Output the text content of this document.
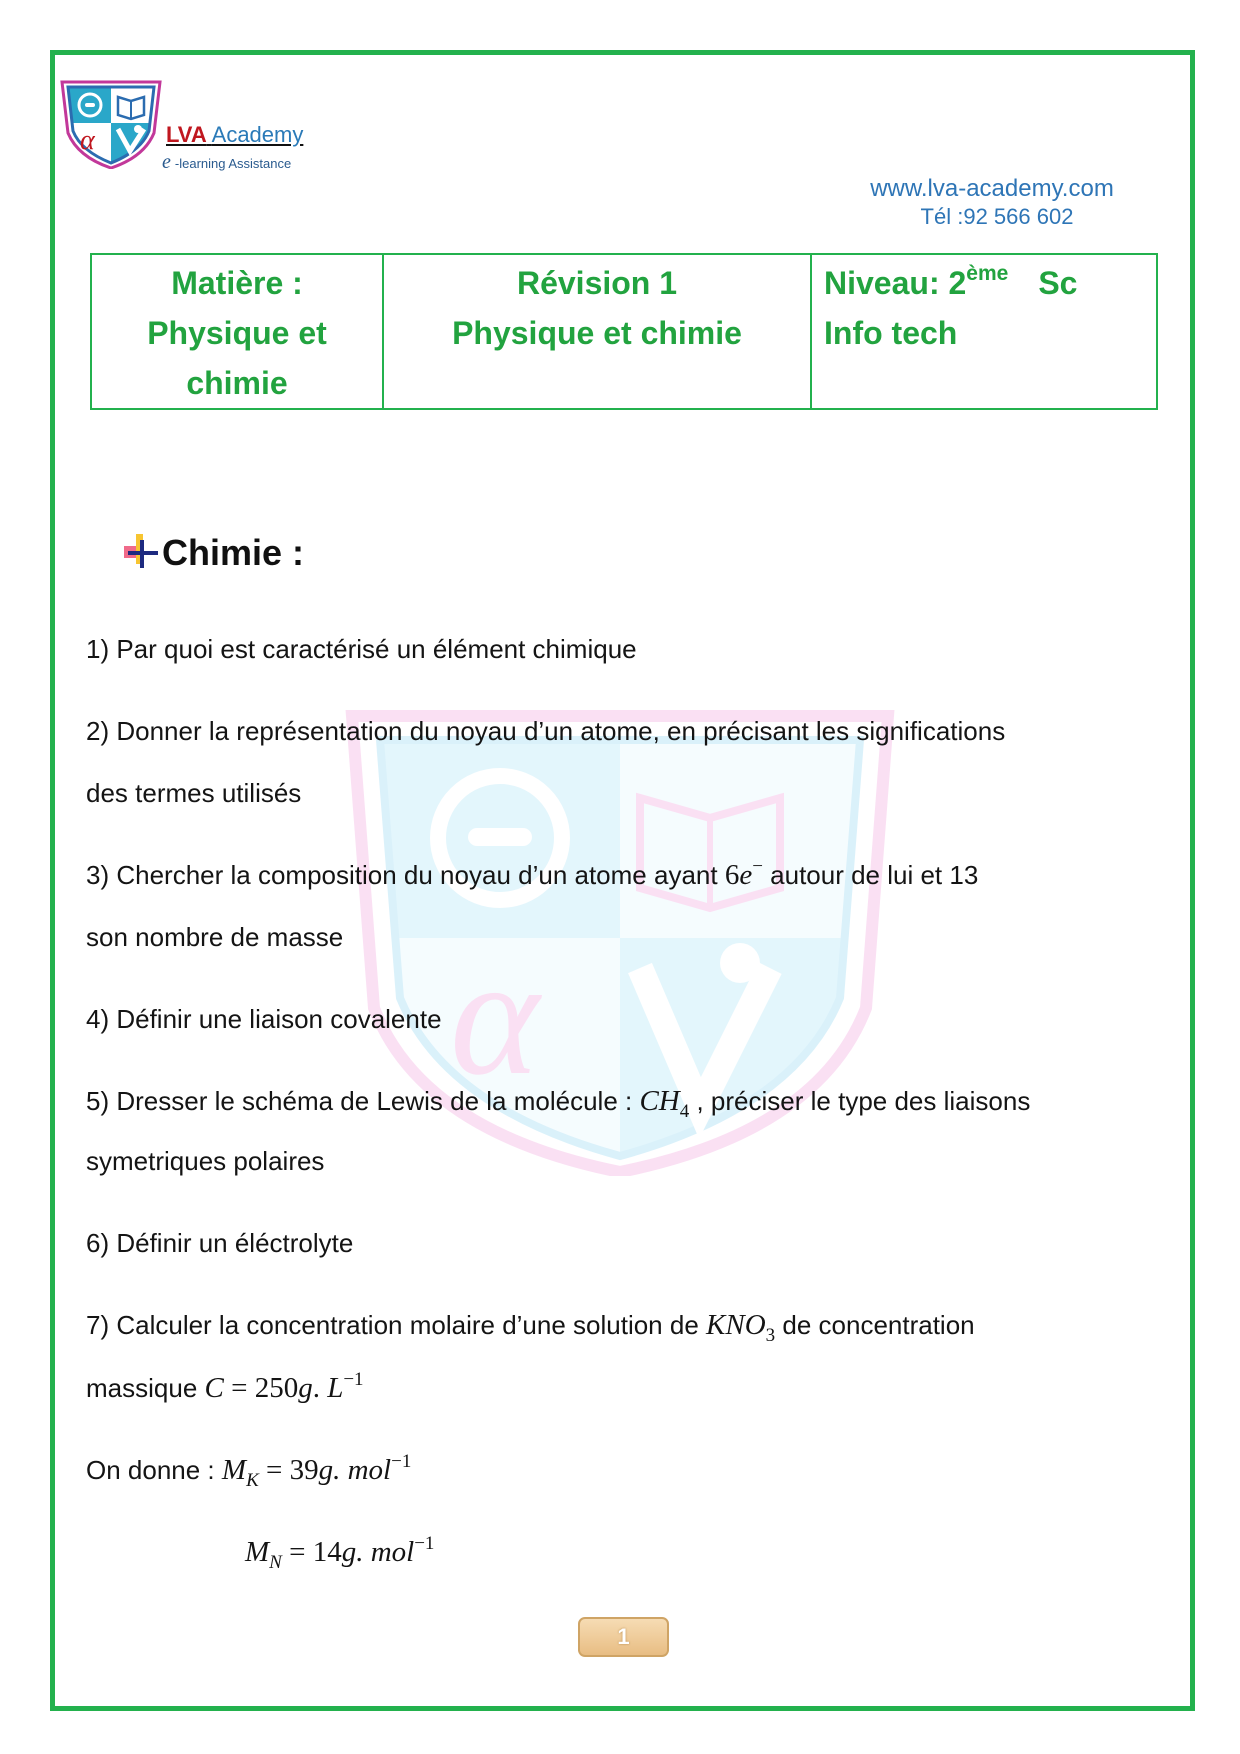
α	LVA Academy
e -learning Assistance
www.lva-academy.com
Tél :92 566 602
Matière :
Physique et chimie
Révision 1
Physique et chimie
Niveau: 2ème Sc
Info tech
α
Chimie :
1) Par quoi est caractérisé un élément chimique
2) Donner la représentation du noyau d’un atome, en précisant les significations
des termes utilisés
3) Chercher la composition du noyau d’un atome ayant 6e− autour de lui et 13
son nombre de masse
4) Définir une liaison covalente
5) Dresser le schéma de Lewis de la molécule : $CH_4$ , préciser le type des liaisons
symetriques polaires
6) Définir un éléctrolyte
7) Calculer la concentration molaire d’une solution de $KNO_3$ de concentration
massique C = 250g. $L^{-1}$
On donne : $M_K = 39g$. mol$^{-1}$
$M_N = 14g$. mol$^{-1}$
1
